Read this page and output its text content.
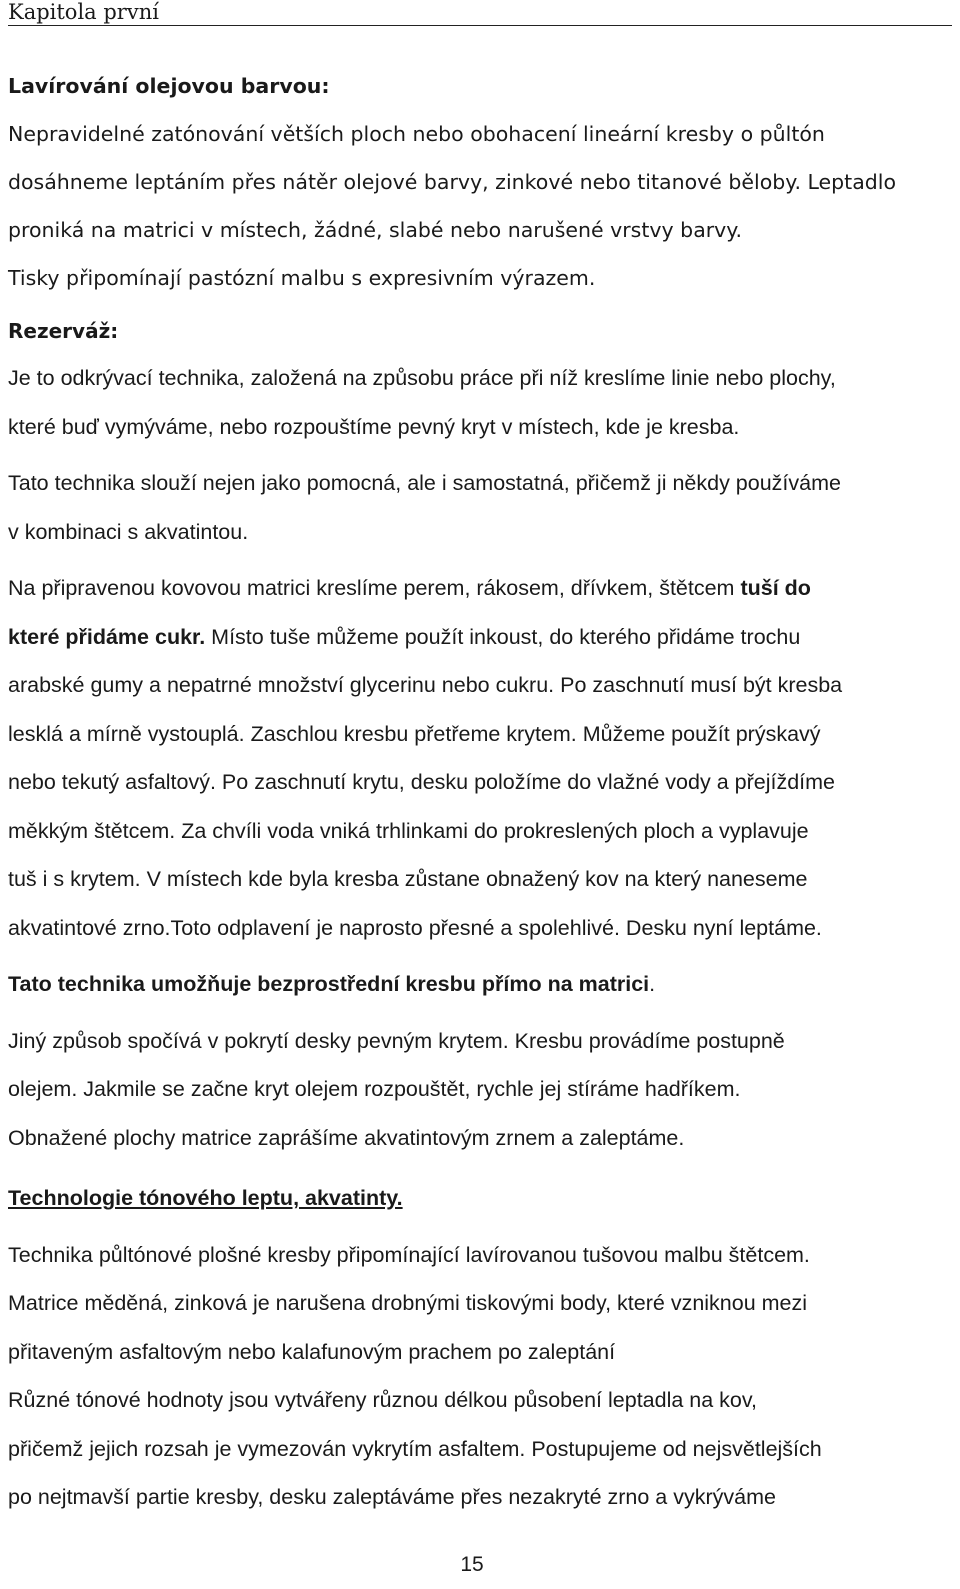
Kapitola první
Lavírování olejovou barvou:
Nepravidelné zatónování větších ploch nebo obohacení lineární kresby o půltón
dosáhneme leptáním přes nátěr olejové barvy, zinkové nebo titanové běloby. Leptadlo
proniká na matrici v místech, žádné, slabé nebo narušené vrstvy barvy.
Tisky připomínají pastózní malbu s expresivním výrazem.
Rezerváž:

Je to odkrývací technika, založená na způsobu práce při níž kreslíme linie nebo plochy,

které buď vymýváme, nebo rozpouštíme pevný kryt v místech, kde je kresba.

Tato technika slouží nejen jako pomocná, ale i samostatná, přičemž ji někdy používáme

v kombinaci s akvatintou.

Na připravenou kovovou matrici kreslíme perem, rákosem, dřívkem, štětcem tuší do

které přidáme cukr. Místo tuše můžeme použít inkoust, do kterého přidáme trochu

arabské gumy a nepatrné množství glycerinu nebo cukru. Po zaschnutí musí být kresba

lesklá a mírně vystouplá. Zaschlou kresbu přetřeme krytem. Můžeme použít prýskavý

nebo tekutý asfaltový. Po zaschnutí krytu, desku položíme do vlažné vody a přejíždíme

měkkým štětcem. Za chvíli voda vniká trhlinkami do prokreslených ploch a vyplavuje

tuš i s krytem. V místech kde byla kresba zůstane obnažený kov na který naneseme

akvatintové zrno.Toto odplavení je naprosto přesné a spolehlivé. Desku nyní leptáme.

Tato technika umožňuje bezprostřední kresbu přímo na matrici.

Jiný způsob spočívá v pokrytí desky pevným krytem. Kresbu provádíme postupně

olejem. Jakmile se začne kryt olejem rozpouštět, rychle jej stíráme hadříkem.

Obnažené plochy matrice zaprášíme akvatintovým zrnem a zaleptáme.

Technologie tónového leptu, akvatinty.

Technika půltónové plošné kresby připomínající lavírovanou tušovou malbu štětcem.

Matrice měděná, zinková je narušena drobnými tiskovými body, které vzniknou mezi

přitaveným asfaltovým nebo kalafunovým prachem po zaleptání

Různé tónové hodnoty jsou vytvářeny různou délkou působení leptadla na kov,

přičemž jejich rozsah je vymezován vykrytím asfaltem. Postupujeme od nejsvětlejších

po nejtmavší partie kresby, desku zaleptáváme přes nezakryté zrno a vykrýváme

15
